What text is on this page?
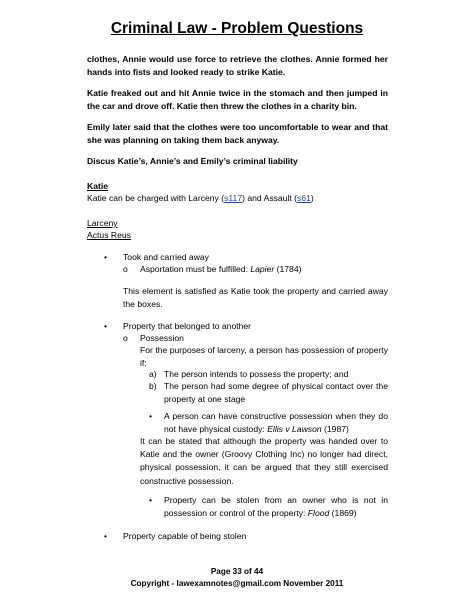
Criminal Law - Problem Questions
clothes, Annie would use force to retrieve the clothes. Annie formed her hands into fists and looked ready to strike Katie.
Katie freaked out and hit Annie twice in the stomach and then jumped in the car and drove off. Katie then threw the clothes in a charity bin.
Emily later said that the clothes were too uncomfortable to wear and that she was planning on taking them back anyway.
Discus Katie’s, Annie’s and Emily’s criminal liability
Katie
Katie can be charged with Larceny (s117) and Assault (s61)
Larceny
Actus Reus
• Took and carried away
o Asportation must be fulfilled: Lapier (1784)
This element is satisfied as Katie took the property and carried away the boxes.
• Property that belonged to another
o Possession
For the purposes of larceny, a person has possession of property if:
a) The person intends to possess the property; and
b) The person had some degree of physical contact over the property at one stage
• A person can have constructive possession when they do not have physical custody: Ellis v Lawson (1987)
It can be stated that although the property was handed over to Katie and the owner (Groovy Clothing Inc) no longer had direct, physical possession, it can be argued that they still exercised constructive possession.
• Property can be stolen from an owner who is not in possession or control of the property: Flood (1869)
• Property capable of being stolen
Page 33 of 44
Copyright - lawexamnotes@gmail.com November 2011
